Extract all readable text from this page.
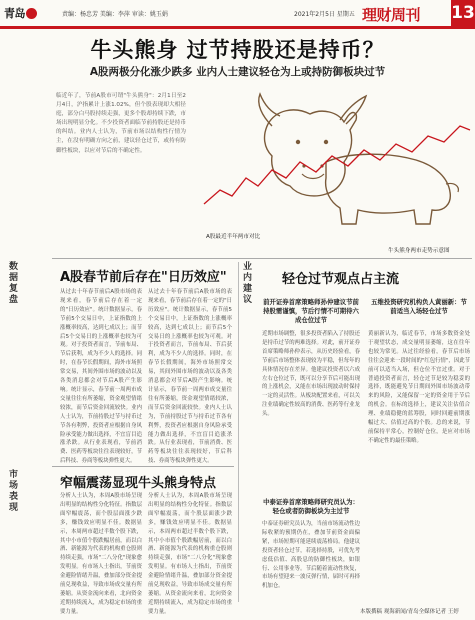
青岛	责编：杨忠芳 美编：李萍 审读：姚玉娟	2021年2月5日 星期五 理财周刊 13
牛头熊身 过节持股还是持币？
A股两极分化涨少跌多 业内人士建议轻仓为上或持防御板块过节
临近年了，节前A股市可谓"牛头熊身"：2月1日至2月4日，沪指累计上涨1.02%，但个股表现却大相径庭，部分白马股持续走强，更多个股却持续下跌，市场出现明显分化。不少投资者面临节前持股还是持币的纠结。业内人士认为，节前市场以结构性行情为主，在没有明确方向之前，建议轻仓过节，或持有防御性板块，以应对节后的不确定性。
A股最近半年两市对比
牛头熊身两市走势示意图
数据复盘
A股春节前后存在"日历效应"
从过去十年春节前后A股市场的表现来看，春节前后存在着一定的"日历效应"。统计数据显示，春节前5个交易日中，上证指数的上涨概率较高，达到七成以上；而节后5个交易日的上涨概率也较为可观。对于投资者而言，节前布局、节后获利，成为不少人的选择。同时，在春节长假期间，海外市场照常交易，其间外围市场的波动以及各类消息都会对节后A股产生影响。统计显示，春节前一周两市成交量往往有所萎缩，资金观望情绪较浓，而节后资金回流较快。业内人士认为，节前持股过节与持币过节各有利弊，投资者应根据自身风险承受能力做出选择，不宜盲目追涨杀跌。从行业表现看，节前消费、医药等板块往往表现较好，节后科技、券商等板块弹性更大。
从过去十年春节前后A股市场的表现来看，春节前后存在着一定的"日历效应"。统计数据显示，春节前5个交易日中，上证指数的上涨概率较高，达到七成以上；而节后5个交易日的上涨概率也较为可观。对于投资者而言，节前布局、节后获利，成为不少人的选择。同时，在春节长假期间，海外市场照常交易，其间外围市场的波动以及各类消息都会对节后A股产生影响。统计显示，春节前一周两市成交量往往有所萎缩，资金观望情绪较浓，而节后资金回流较快。业内人士认为，节前持股过节与持币过节各有利弊，投资者应根据自身风险承受能力做出选择，不宜盲目追涨杀跌。从行业表现看，节前消费、医药等板块往往表现较好，节后科技、券商等板块弹性更大。
市场表现
窄幅震荡显现牛头熊身特点
分析人士认为，本周A股市场呈现出明显的结构性分化特征。指数层面窄幅震荡，而个股层面涨少跌多，赚钱效应明显不佳。数据显示，本周两市超过半数个股下跌，其中小市值个股跌幅居前，而以白酒、新能源为代表的机构重仓股则持续走强，市场"二八分化"现象愈发明显。有市场人士指出，节前资金避险情绪升温，叠加部分资金提前兑现收益，导致市场成交量有所萎缩。从资金流向来看，北向资金近期持续流入，成为稳定市场的重要力量。
分析人士认为，本周A股市场呈现出明显的结构性分化特征。指数层面窄幅震荡，而个股层面涨少跌多，赚钱效应明显不佳。数据显示，本周两市超过半数个股下跌，其中小市值个股跌幅居前，而以白酒、新能源为代表的机构重仓股则持续走强，市场"二八分化"现象愈发明显。有市场人士指出，节前资金避险情绪升温，叠加部分资金提前兑现收益，导致市场成交量有所萎缩。从资金流向来看，北向资金近期持续流入，成为稳定市场的重要力量。
业内建议
轻仓过节观点占主流
前开证券首席策略师孙仲建议节前持股需谨慎，节后行情不可期待六成仓位过节
近期市场调整，很多投资者陷入了持股还是持币过节的两难选择。对此，前开证券首席策略师孙仲表示，从历史经验看，春节前后市场整体表现较为平稳，但每年的具体情况存在差异。他建议投资者以六成左右仓位过节，既可以分享节后可能出现的上涨机会，又能在市场出现波动时保持一定的灵活性。从板块配置来看，可以关注业绩确定性较高的消费、医药等行业龙头。
中泰证券首席策略师研究员认为：轻仓或者防御板块为主过节
中泰证券研究员认为，当前市场流动性边际收紧的预期仍在，叠加节前资金面偏紧，市场短期可能延续震荡格局。他建议投资者轻仓过节，若选择持股，可优先考虑低估值、高股息的防御性板块，如银行、公用事业等。节后随着流动性恢复，市场有望迎来一波反弹行情，届时可再择机加仓。
五维投资研究机构负人黄丽新：节前适当入场轻仓过节
黄丽新认为，临近春节，市场多数资金处于观望状态，成交量明显萎缩，这在往年也较为常见。从过往经验看，春节后市场往往会迎来一段时间的"红包行情"，因此节前可以适当入场，但仓位不宜过重。对于普通投资者而言，轻仓过节是较为稳妥的选择，既能避免节日期间外围市场波动带来的风险，又能保留一定的资金用于节后的机会。在标的选择上，建议关注估值合理、业绩稳健的蓝筹股，同时回避前期涨幅过大、估值过高的个股。总的来说，节前保持平常心，控制好仓位，是应对市场不确定性的最佳策略。
本版撰稿 观海新闻/青岛全媒体记者 王婷
